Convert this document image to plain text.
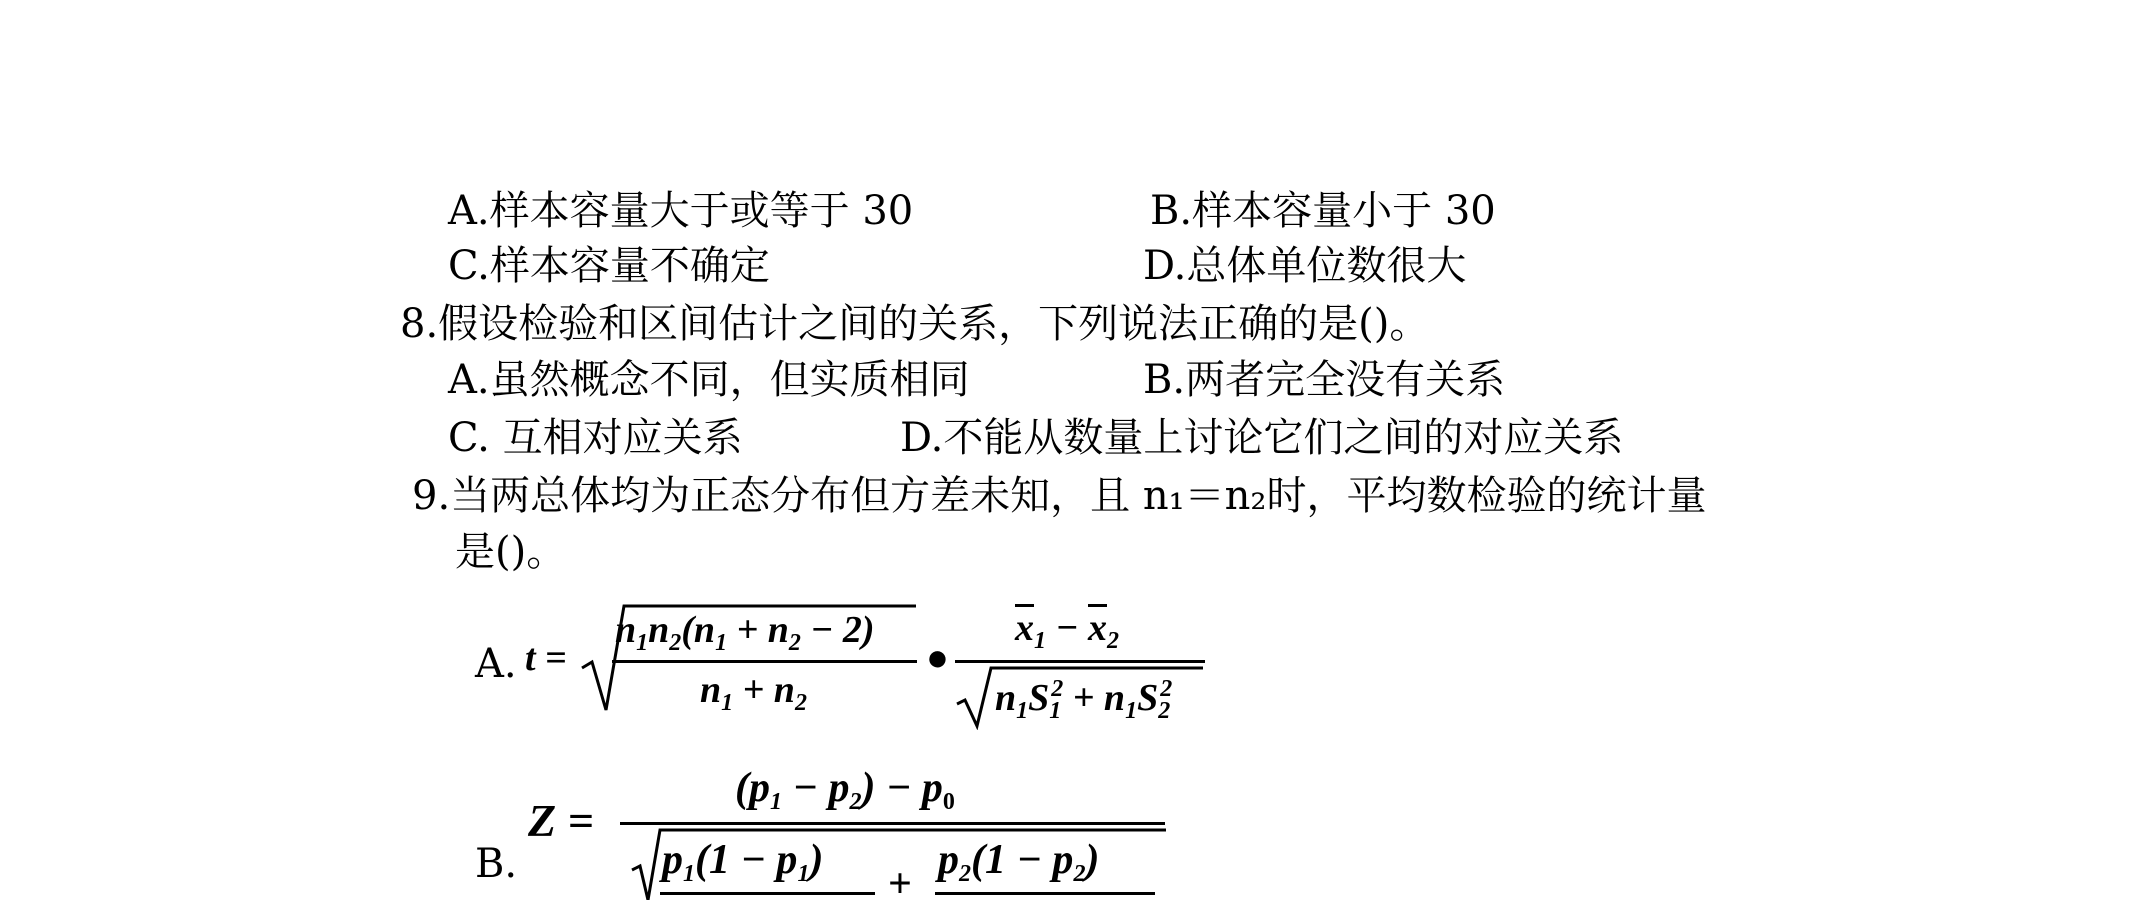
A.样本容量大于或等于 30	B.样本容量小于 30
C.样本容量不确定	D.总体单位数很大
8.假设检验和区间估计之间的关系，下列说法正确的是()。
A.虽然概念不同，但实质相同	B.两者完全没有关系
C. 互相对应关系	D.不能从数量上讨论它们之间的对应关系
9.当两总体均为正态分布但方差未知，且 n₁＝n₂时，平均数检验的统计量
是()。
A. t =
$n_1n_2(n_1 + n_2 - 2)$
$n_1 + n_2$
●
$x_1 - x_2$
$n_1S_1^2 + n_1S_2^2$
B.
Z =
$(p_1 - p_2) - p_0$
$p_1(1 - p_1)$
+
$p_2(1 - p_2)$
